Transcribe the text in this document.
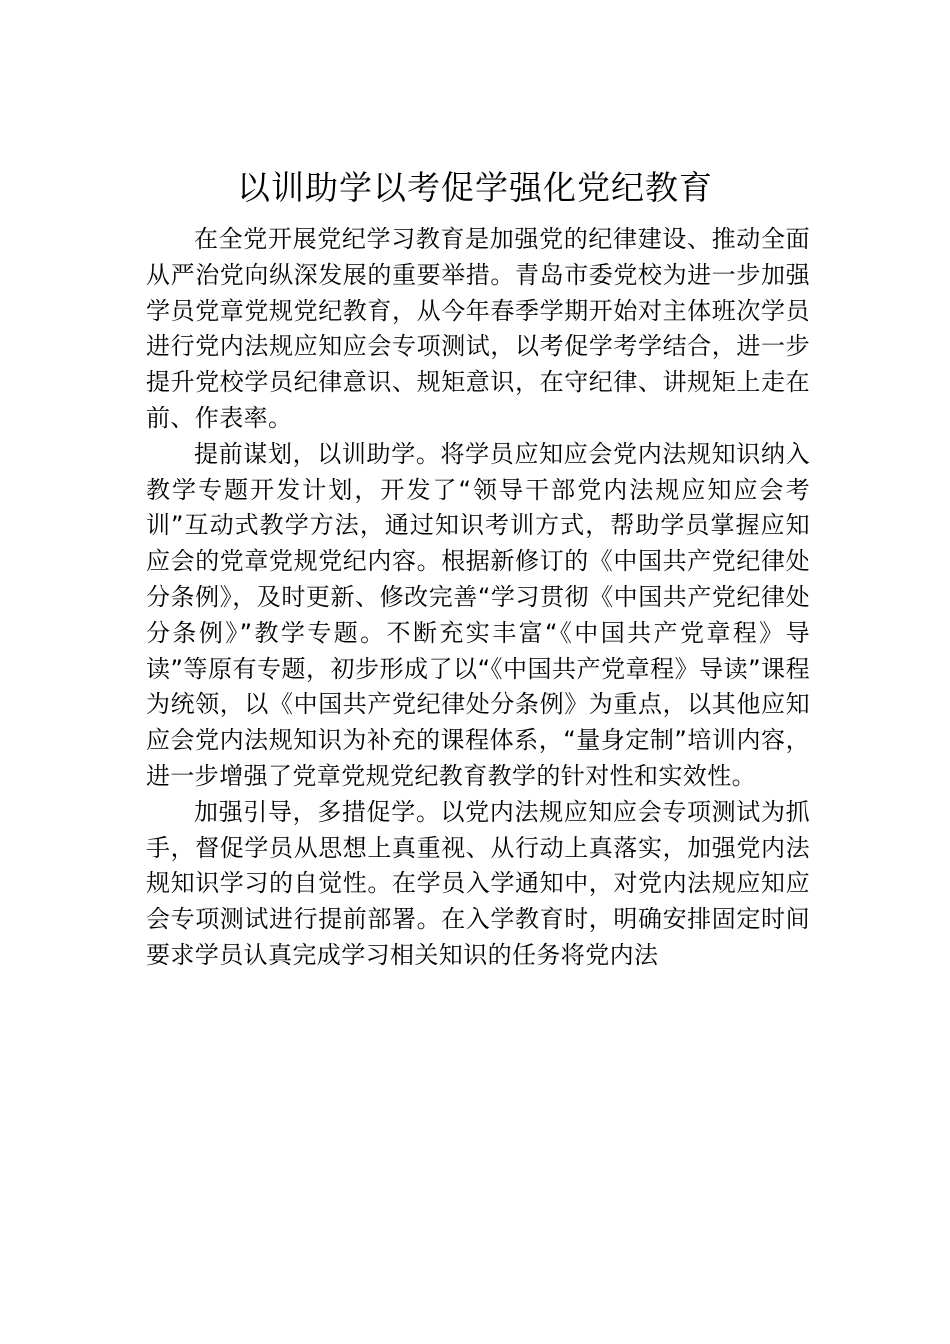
以训助学以考促学强化党纪教育

在全党开展党纪学习教育是加强党的纪律建设、推动全面从严治党向纵深发展的重要举措。青岛市委党校为进一步加强学员党章党规党纪教育，从今年春季学期开始对主体班次学员进行党内法规应知应会专项测试，以考促学考学结合，进一步提升党校学员纪律意识、规矩意识，在守纪律、讲规矩上走在前、作表率。

提前谋划，以训助学。将学员应知应会党内法规知识纳入教学专题开发计划，开发了“领导干部党内法规应知应会考训”互动式教学方法，通过知识考训方式，帮助学员掌握应知应会的党章党规党纪内容。根据新修订的《中国共产党纪律处分条例》，及时更新、修改完善“学习贯彻《中国共产党纪律处分条例》”教学专题。不断充实丰富“《中国共产党章程》导读”等原有专题，初步形成了以“《中国共产党章程》导读”课程为统领，以《中国共产党纪律处分条例》为重点，以其他应知应会党内法规知识为补充的课程体系，“量身定制”培训内容，进一步增强了党章党规党纪教育教学的针对性和实效性。

加强引导，多措促学。以党内法规应知应会专项测试为抓手，督促学员从思想上真重视、从行动上真落实，加强党内法规知识学习的自觉性。在学员入学通知中，对党内法规应知应会专项测试进行提前部署。在入学教育时，明确安排固定时间要求学员认真完成学习相关知识的任务将党内法
